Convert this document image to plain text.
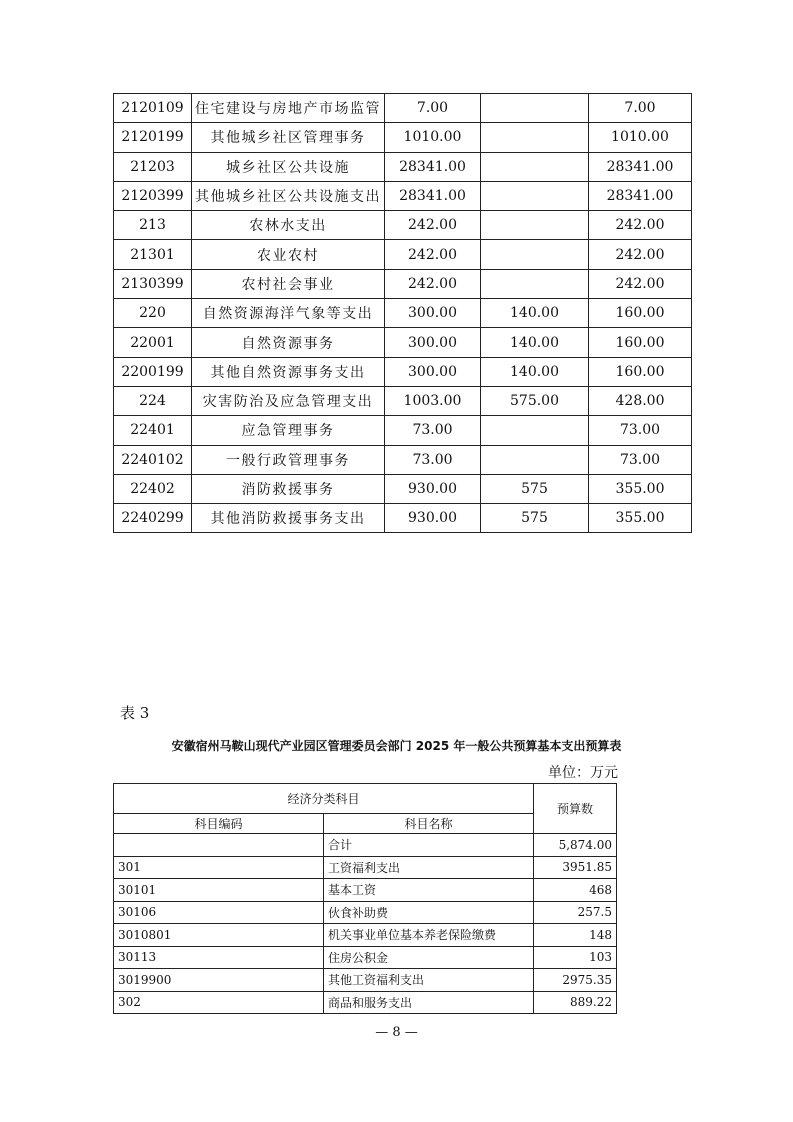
2120109	住宅建设与房地产市场监管	7.00		7.00
2120199	其他城乡社区管理事务	1010.00		1010.00
21203	城乡社区公共设施	28341.00		28341.00
2120399	其他城乡社区公共设施支出	28341.00		28341.00
213	农林水支出	242.00		242.00
21301	农业农村	242.00		242.00
2130399	农村社会事业	242.00		242.00
220	自然资源海洋气象等支出	300.00	140.00	160.00
22001	自然资源事务	300.00	140.00	160.00
2200199	其他自然资源事务支出	300.00	140.00	160.00
224	灾害防治及应急管理支出	1003.00	575.00	428.00
22401	应急管理事务	73.00		73.00
2240102	一般行政管理事务	73.00		73.00
22402	消防救援事务	930.00	575	355.00
2240299	其他消防救援事务支出	930.00	575	355.00
表 3
安徽宿州马鞍山现代产业园区管理委员会部门 2025 年一般公共预算基本支出预算表
单位：万元
经济分类科目		预算数
科目编码	科目名称	
	合计	5,874.00
301	工资福利支出	3951.85
30101	基本工资	468
30106	伙食补助费	257.5
3010801	机关事业单位基本养老保险缴费	148
30113	住房公积金	103
3019900	其他工资福利支出	2975.35
302	商品和服务支出	889.22
— 8 —
